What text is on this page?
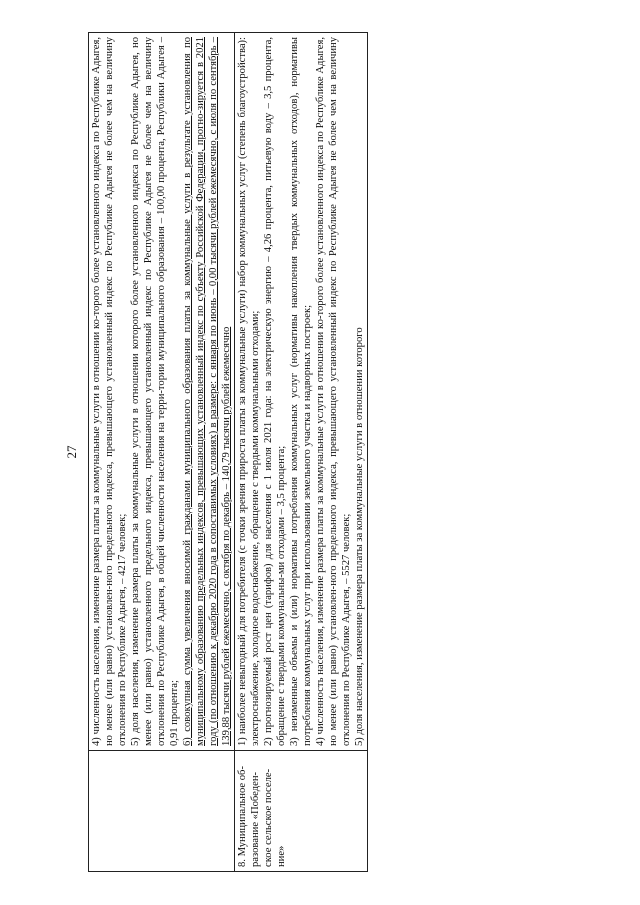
27

	4) численность населения, изменение размера платы за коммунальные услуги в отношении ко-торого более установленного индекса по Республике Адыгея, но менее (или равно) установлен-ного предельного индекса, превышающего установленный индекс по Республике Адыгея не более чем на величину отклонения по Республике Адыгея, – 4217 человек; 5) доля населения, изменение размера платы за коммунальные услуги в отношении которого более установленного индекса по Республике Адыгея, но менее (или равно) установленного предельного индекса, превышающего установленный индекс по Республике Адыгея не более чем на величину отклонения по Республике Адыгея, в общей численности населения на терри-тории муниципального образования – 100,00 процента, Республики Адыгея – 0,91 процента; 6) совокупная сумма увеличения вносимой гражданами муниципального образования платы за коммунальные услуги в результате установления по муниципальному образованию предельных индексов, превышающих установленный индекс по субъекту Российской Федерации, прогно-зируется в 2021 году (по отношению к декабрю 2020 года в сопоставимых условиях) в размере: с января по июнь – 0,00 тысячи рублей ежемесячно, с июля по сентябрь – 139,88 тысячи рублей ежемесячно, с октября по декабрь – 140,79 тысячи рублей ежемесячно

8. Муниципальное об-разование «Победен-ское сельское поселе-ние»	1) наиболее невыгодный для потребителя (с точки зрения прироста платы за коммунальные услуги) набор коммунальных услуг (степень благоустройства): электроснабжение, холодное водоснабжение, обращение с твердыми коммунальными отходами; 2) прогнозируемый рост цен (тарифов) для населения с 1 июля 2021 года: на электрическую энергию – 4,26 процента, питьевую воду – 3,5 процента, обращение с твердыми коммунальны-ми отходами – 3,5 процента; 3) неизменные объемы и (или) нормативы потребления коммунальных услуг (нормативы накопления твердых коммунальных отходов), нормативы потребления коммунальных услуг при использовании земельного участка и надворных построек; 4) численность населения, изменение размера платы за коммунальные услуги в отношении ко-торого более установленного индекса по Республике Адыгея, но менее (или равно) установлен-ного предельного индекса, превышающего установленный индекс по Республике Адыгея не более чем на величину отклонения по Республике Адыгея, – 5527 человек; 5) доля населения, изменение размера платы за коммунальные услуги в отношении которого
